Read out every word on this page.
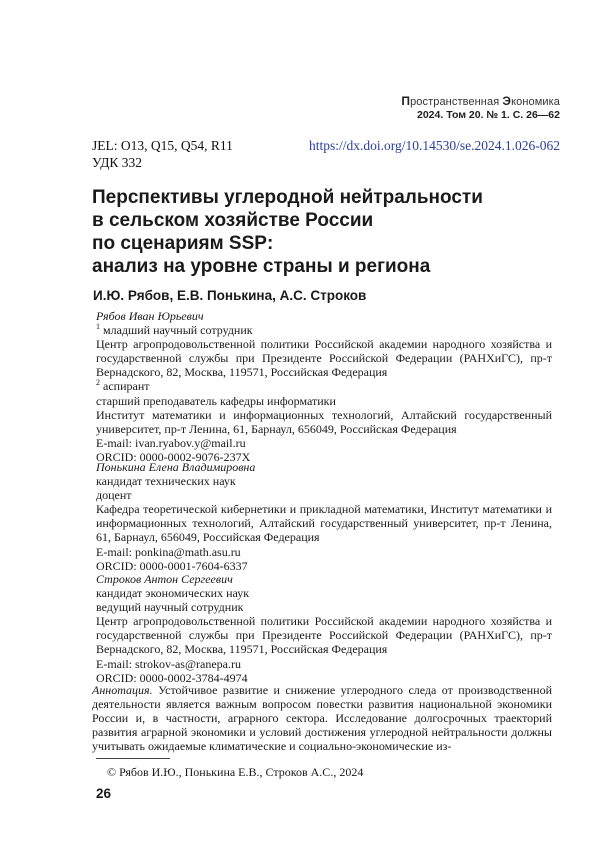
Пространственная Экономика
2024. Том 20. № 1. С. 26—62
JEL: O13, Q15, Q54, R11
УДК 332
https://dx.doi.org/10.14530/se.2024.1.026-062
Перспективы углеродной нейтральности
в сельском хозяйстве России
по сценариям SSP:
анализ на уровне страны и региона
И.Ю. Рябов, Е.В. Понькина, А.С. Строков
Рябов Иван Юрьевич
$^1$ младший научный сотрудник
Центр агропродовольственной политики Российской академии народного хозяйства и государственной службы при Президенте Российской Федерации (РАНХиГС), пр-т Вернадского, 82, Москва, 119571, Российская Федерация
$^2$ аспирант
старший преподаватель кафедры информатики
Институт математики и информационных технологий, Алтайский государственный университет, пр-т Ленина, 61, Барнаул, 656049, Российская Федерация
E-mail: ivan.ryabov.y@mail.ru
ORCID: 0000-0002-9076-237X
Понькина Елена Владимировна
кандидат технических наук
доцент
Кафедра теоретической кибернетики и прикладной математики, Институт математики и информационных технологий, Алтайский государственный университет, пр-т Ленина, 61, Барнаул, 656049, Российская Федерация
E-mail: ponkina@math.asu.ru
ORCID: 0000-0001-7604-6337
Строков Антон Сергеевич
кандидат экономических наук
ведущий научный сотрудник
Центр агропродовольственной политики Российской академии народного хозяйства и государственной службы при Президенте Российской Федерации (РАНХиГС), пр-т Вернадского, 82, Москва, 119571, Российская Федерация
E-mail: strokov-as@ranepa.ru
ORCID: 0000-0002-3784-4974
Аннотация. Устойчивое развитие и снижение углеродного следа от производственной деятельности является важным вопросом повестки развития национальной экономики России и, в частности, аграрного сектора. Исследование долгосрочных траекторий развития аграрной экономики и условий достижения углеродной нейтральности должны учитывать ожидаемые климатические и социально-экономические из-
© Рябов И.Ю., Понькина Е.В., Строков А.С., 2024
26
